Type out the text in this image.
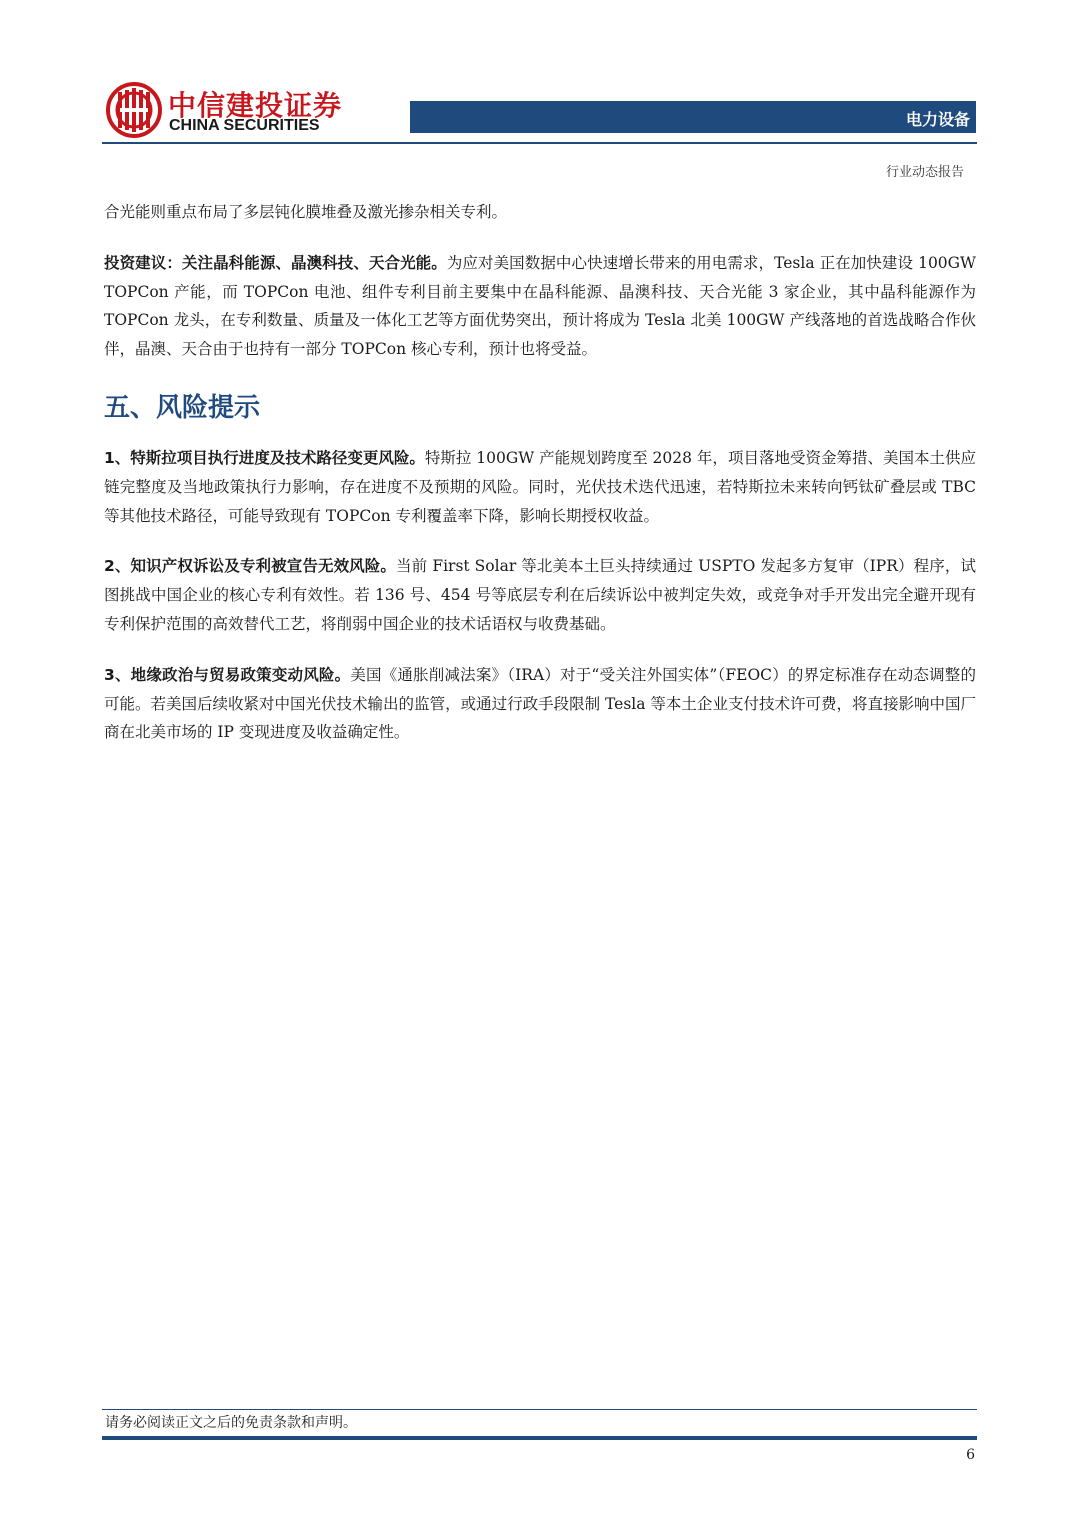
中信建投证券
CHINA SECURITIES	电力设备
行业动态报告

合光能则重点布局了多层钝化膜堆叠及激光掺杂相关专利。

投资建议：关注晶科能源、晶澳科技、天合光能。为应对美国数据中心快速增长带来的用电需求，Tesla 正在加快建设 100GW TOPCon 产能，而 TOPCon 电池、组件专利目前主要集中在晶科能源、晶澳科技、天合光能 3 家企业，其中晶科能源作为 TOPCon 龙头，在专利数量、质量及一体化工艺等方面优势突出，预计将成为 Tesla 北美 100GW 产线落地的首选战略合作伙伴，晶澳、天合由于也持有一部分 TOPCon 核心专利，预计也将受益。

五、风险提示

1、特斯拉项目执行进度及技术路径变更风险。特斯拉 100GW 产能规划跨度至 2028 年，项目落地受资金筹措、美国本土供应链完整度及当地政策执行力影响，存在进度不及预期的风险。同时，光伏技术迭代迅速，若特斯拉未来转向钙钛矿叠层或 TBC 等其他技术路径，可能导致现有 TOPCon 专利覆盖率下降，影响长期授权收益。

2、知识产权诉讼及专利被宣告无效风险。当前 First Solar 等北美本土巨头持续通过 USPTO 发起多方复审（IPR）程序，试图挑战中国企业的核心专利有效性。若 136 号、454 号等底层专利在后续诉讼中被判定失效，或竞争对手开发出完全避开现有专利保护范围的高效替代工艺，将削弱中国企业的技术话语权与收费基础。

3、地缘政治与贸易政策变动风险。美国《通胀削减法案》（IRA）对于“受关注外国实体”（FEOC）的界定标准存在动态调整的可能。若美国后续收紧对中国光伏技术输出的监管，或通过行政手段限制 Tesla 等本土企业支付技术许可费，将直接影响中国厂商在北美市场的 IP 变现进度及收益确定性。

请务必阅读正文之后的免责条款和声明。
6
